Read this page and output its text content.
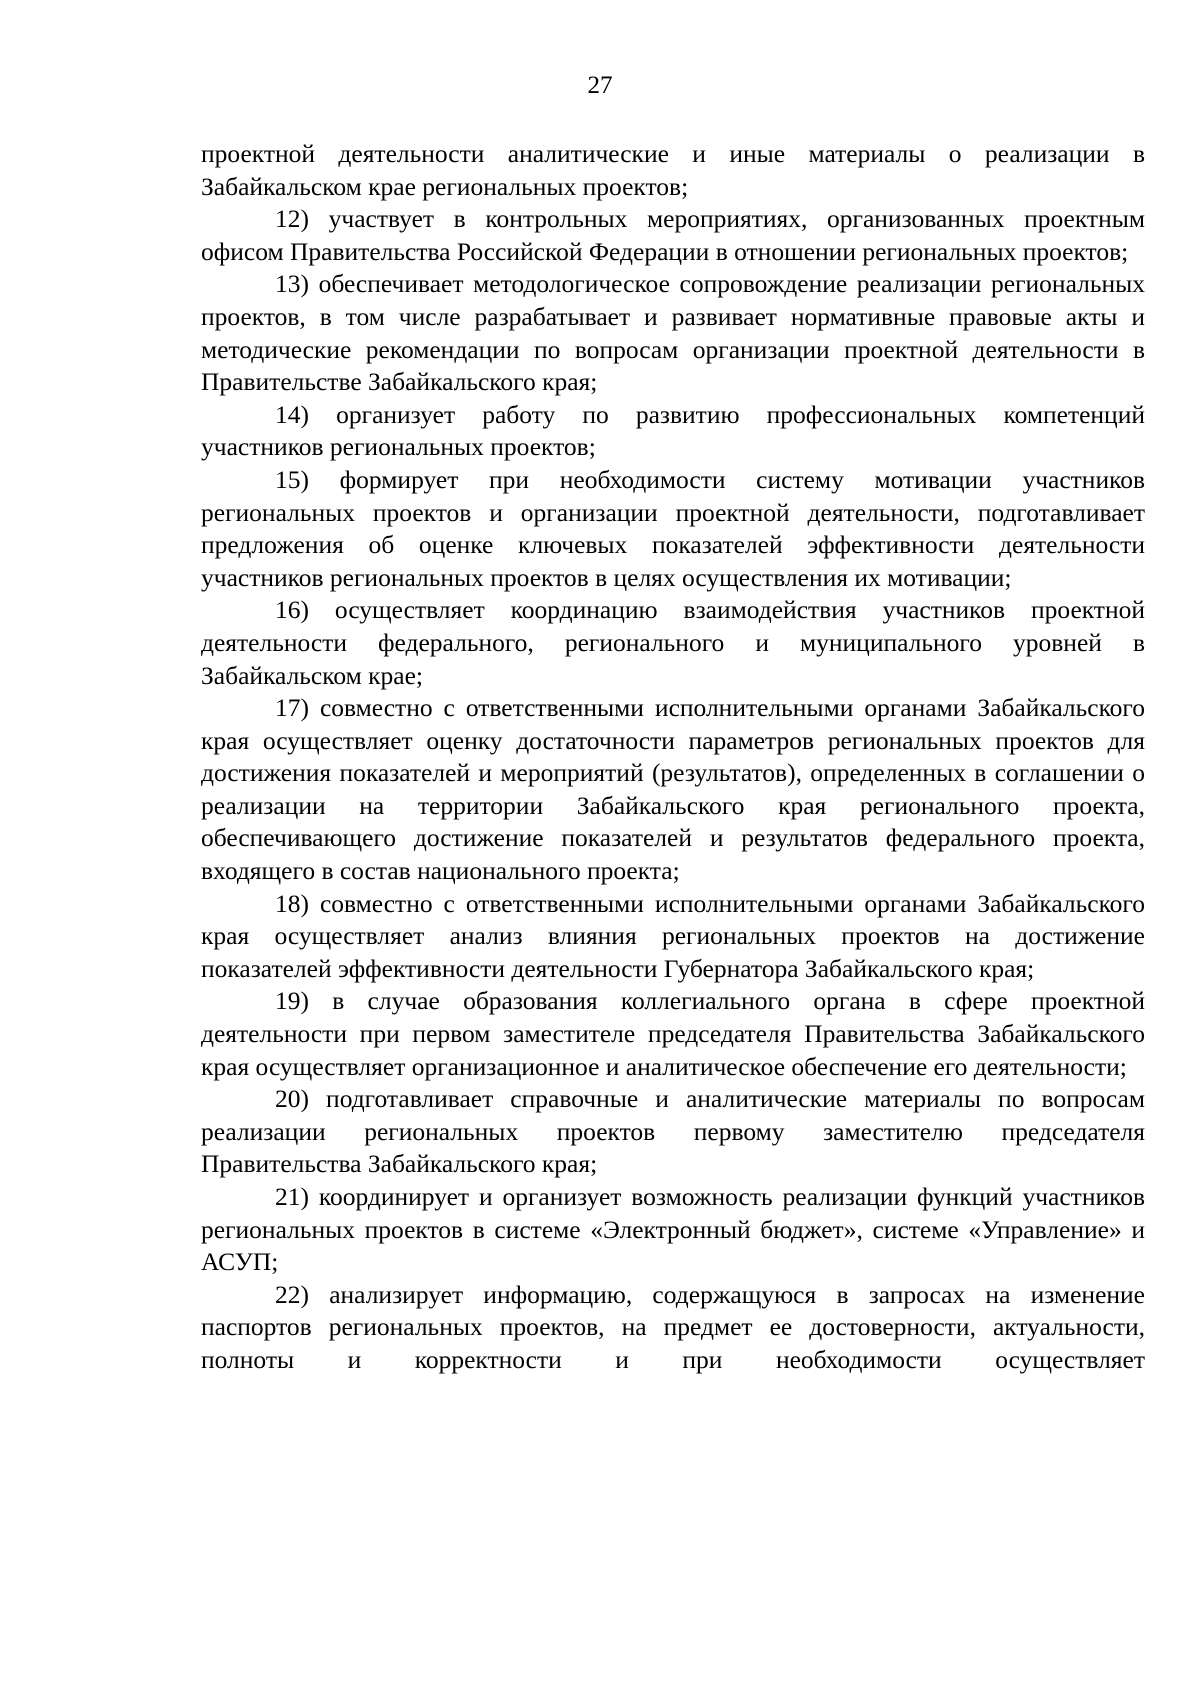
27

проектной деятельности аналитические и иные материалы о реализации в Забайкальском крае региональных проектов;

12) участвует в контрольных мероприятиях, организованных проектным офисом Правительства Российской Федерации в отношении региональных проектов;

13) обеспечивает методологическое сопровождение реализации региональных проектов, в том числе разрабатывает и развивает нормативные правовые акты и методические рекомендации по вопросам организации проектной деятельности в Правительстве Забайкальского края;

14) организует работу по развитию профессиональных компетенций участников региональных проектов;

15) формирует при необходимости систему мотивации участников региональных проектов и организации проектной деятельности, подготавливает предложения об оценке ключевых показателей эффективности деятельности участников региональных проектов в целях осуществления их мотивации;

16) осуществляет координацию взаимодействия участников проектной деятельности федерального, регионального и муниципального уровней в Забайкальском крае;

17) совместно с ответственными исполнительными органами Забайкальского края осуществляет оценку достаточности параметров региональных проектов для достижения показателей и мероприятий (результатов), определенных в соглашении о реализации на территории Забайкальского края регионального проекта, обеспечивающего достижение показателей и результатов федерального проекта, входящего в состав национального проекта;

18) совместно с ответственными исполнительными органами Забайкальского края осуществляет анализ влияния региональных проектов на достижение показателей эффективности деятельности Губернатора Забайкальского края;

19) в случае образования коллегиального органа в сфере проектной деятельности при первом заместителе председателя Правительства Забайкальского края осуществляет организационное и аналитическое обеспечение его деятельности;

20) подготавливает справочные и аналитические материалы по вопросам реализации региональных проектов первому заместителю председателя Правительства Забайкальского края;

21) координирует и организует возможность реализации функций участников региональных проектов в системе «Электронный бюджет», системе «Управление» и АСУП;

22) анализирует информацию, содержащуюся в запросах на изменение паспортов региональных проектов, на предмет ее достоверности, актуальности, полноты и корректности и при необходимости осуществляет
